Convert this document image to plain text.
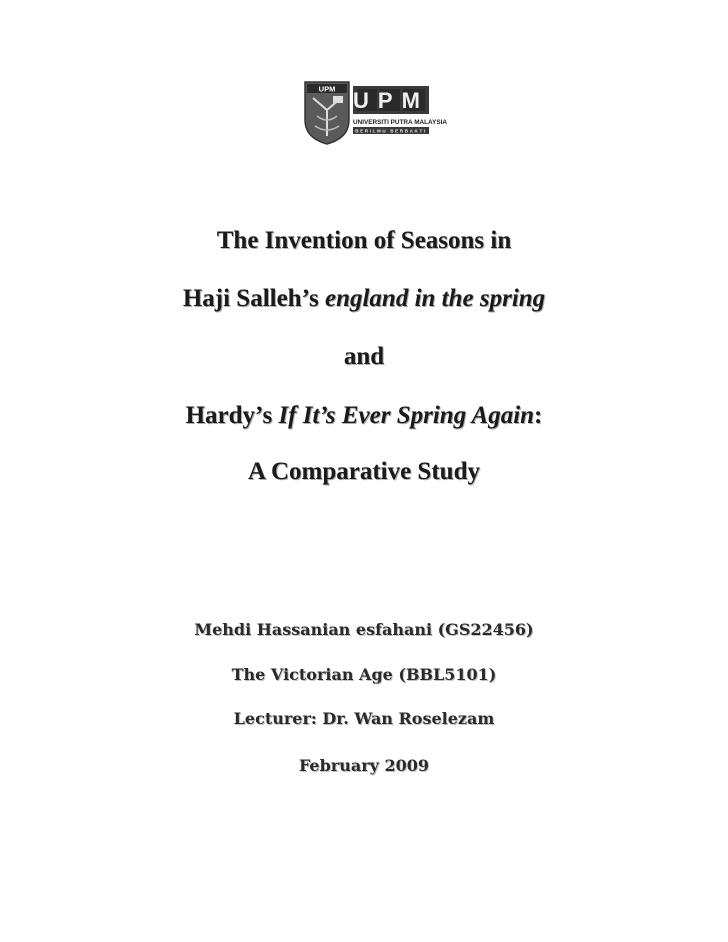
UPM UPM
UNIVERSITI PUTRA MALAYSIA
BERILMU BERBAKTI
The Invention of Seasons in
Haji Salleh’s england in the spring
and
Hardy’s If It’s Ever Spring Again:
A Comparative Study
Mehdi Hassanian esfahani (GS22456)
The Victorian Age (BBL5101)
Lecturer: Dr. Wan Roselezam
February 2009
